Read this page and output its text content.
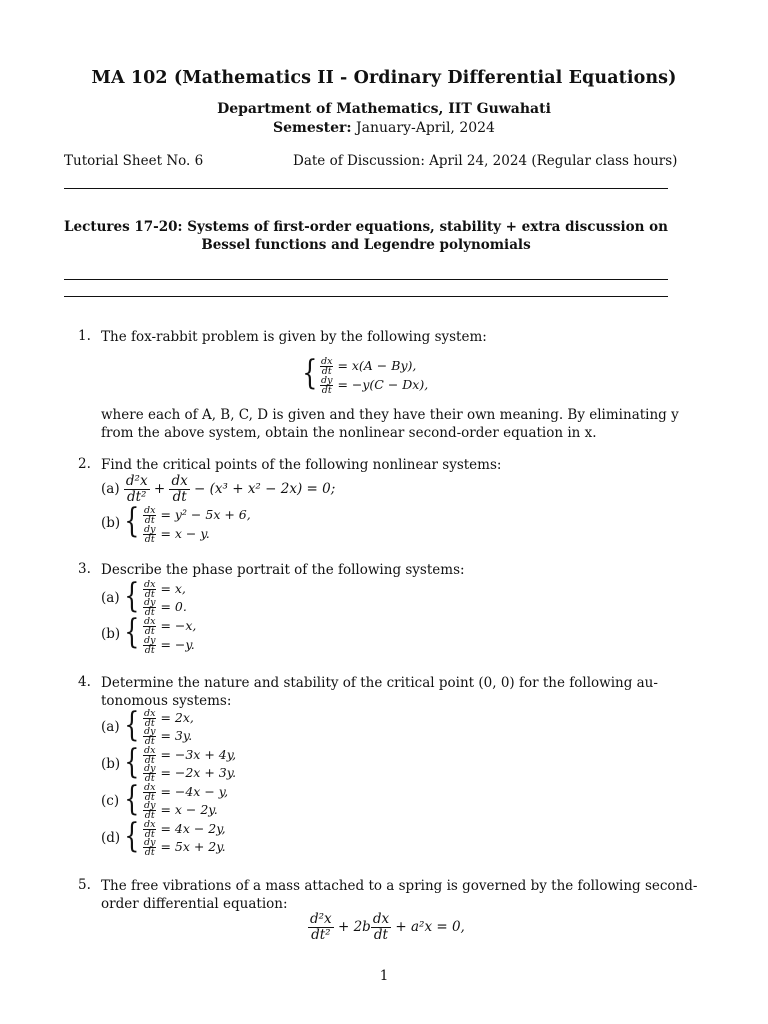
MA 102 (Mathematics II - Ordinary Differential Equations)
Department of Mathematics, IIT Guwahati
Semester: January-April, 2024
Tutorial Sheet No. 6	Date of Discussion: April 24, 2024 (Regular class hours)
Lectures 17-20: Systems of first-order equations, stability + extra discussion on
Bessel functions and Legendre polynomials
1. The fox-rabbit problem is given by the following system:
{ $\frac{dx}{dt} = x(A - By)$,
$\frac{dy}{dt} = -y(C - Dx)$,
where each of A, B, C, D is given and they have their own meaning. By eliminating y
from the above system, obtain the nonlinear second-order equation in x.
2. Find the critical points of the following nonlinear systems:
$(a) \frac{\text{d²x}}{\text{dt²}} + \frac{dx}{dt} - (x^3 + x^2 - 2x) = 0$;
(b) { $\frac{dx}{dt} = y^2 - 5x + 6$,
$\frac{dy}{dt} = x - y$.
3. Describe the phase portrait of the following systems:
(a) { $\frac{dx}{dt} = x$,
$\frac{dy}{dt} = 0$.
(b) { $\frac{dx}{dt} = -x$,
$\frac{dy}{dt} = -y$.
4. Determine the nature and stability of the critical point (0, 0) for the following au-
tonomous systems:
(a) { $\frac{dx}{dt} = 2x$,
$\frac{dy}{dt} = 3y$.
(b) { $\frac{dx}{dt} = -3x + 4y$,
$\frac{dy}{dt} = -2x + 3y$.
(c) { $\frac{dx}{dt} = -4x - y$,
$\frac{dy}{dt} = x - 2y$.
(d) { $\frac{dx}{dt} = 4x - 2y$,
$\frac{dy}{dt} = 5x + 2y$.
5. The free vibrations of a mass attached to a spring is governed by the following second-
order differential equation:
$\frac{\text{d²x}}{\text{dt²}} + 2b \frac{dx}{dt} + a^2x = 0$,
1
